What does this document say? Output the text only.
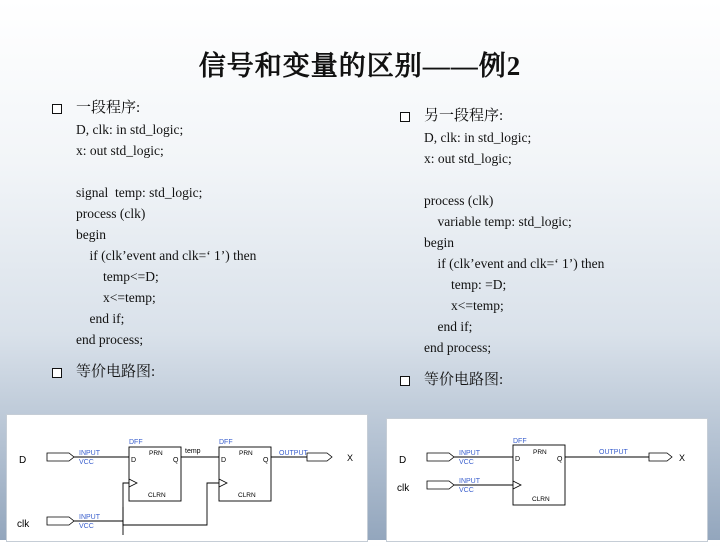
信号和变量的区别——例2
一段程序:
D, clk: in std_logic;
x: out std_logic;
signal  temp: std_logic;
process (clk)
begin
if (clk’event and clk=‘ 1’) then
temp<=D;
x<=temp;
end if;
end process;
等价电路图:
另一段程序:
D, clk: in std_logic;
x: out std_logic;
process (clk)
variable temp: std_logic;
begin
if (clk’event and clk=‘ 1’) then
temp: =D;
x<=temp;
end if;
end process;
等价电路图:
D
clk
INPUT
VCC
INPUT
VCC
DFF
PRN
D	Q
CLRN
DFF
PRN
D	Q
CLRN
temp	OUTPUT	X	D
clk
INPUT
VCC
INPUT
VCC
DFF
PRN
D	Q
CLRN
OUTPUT
X
